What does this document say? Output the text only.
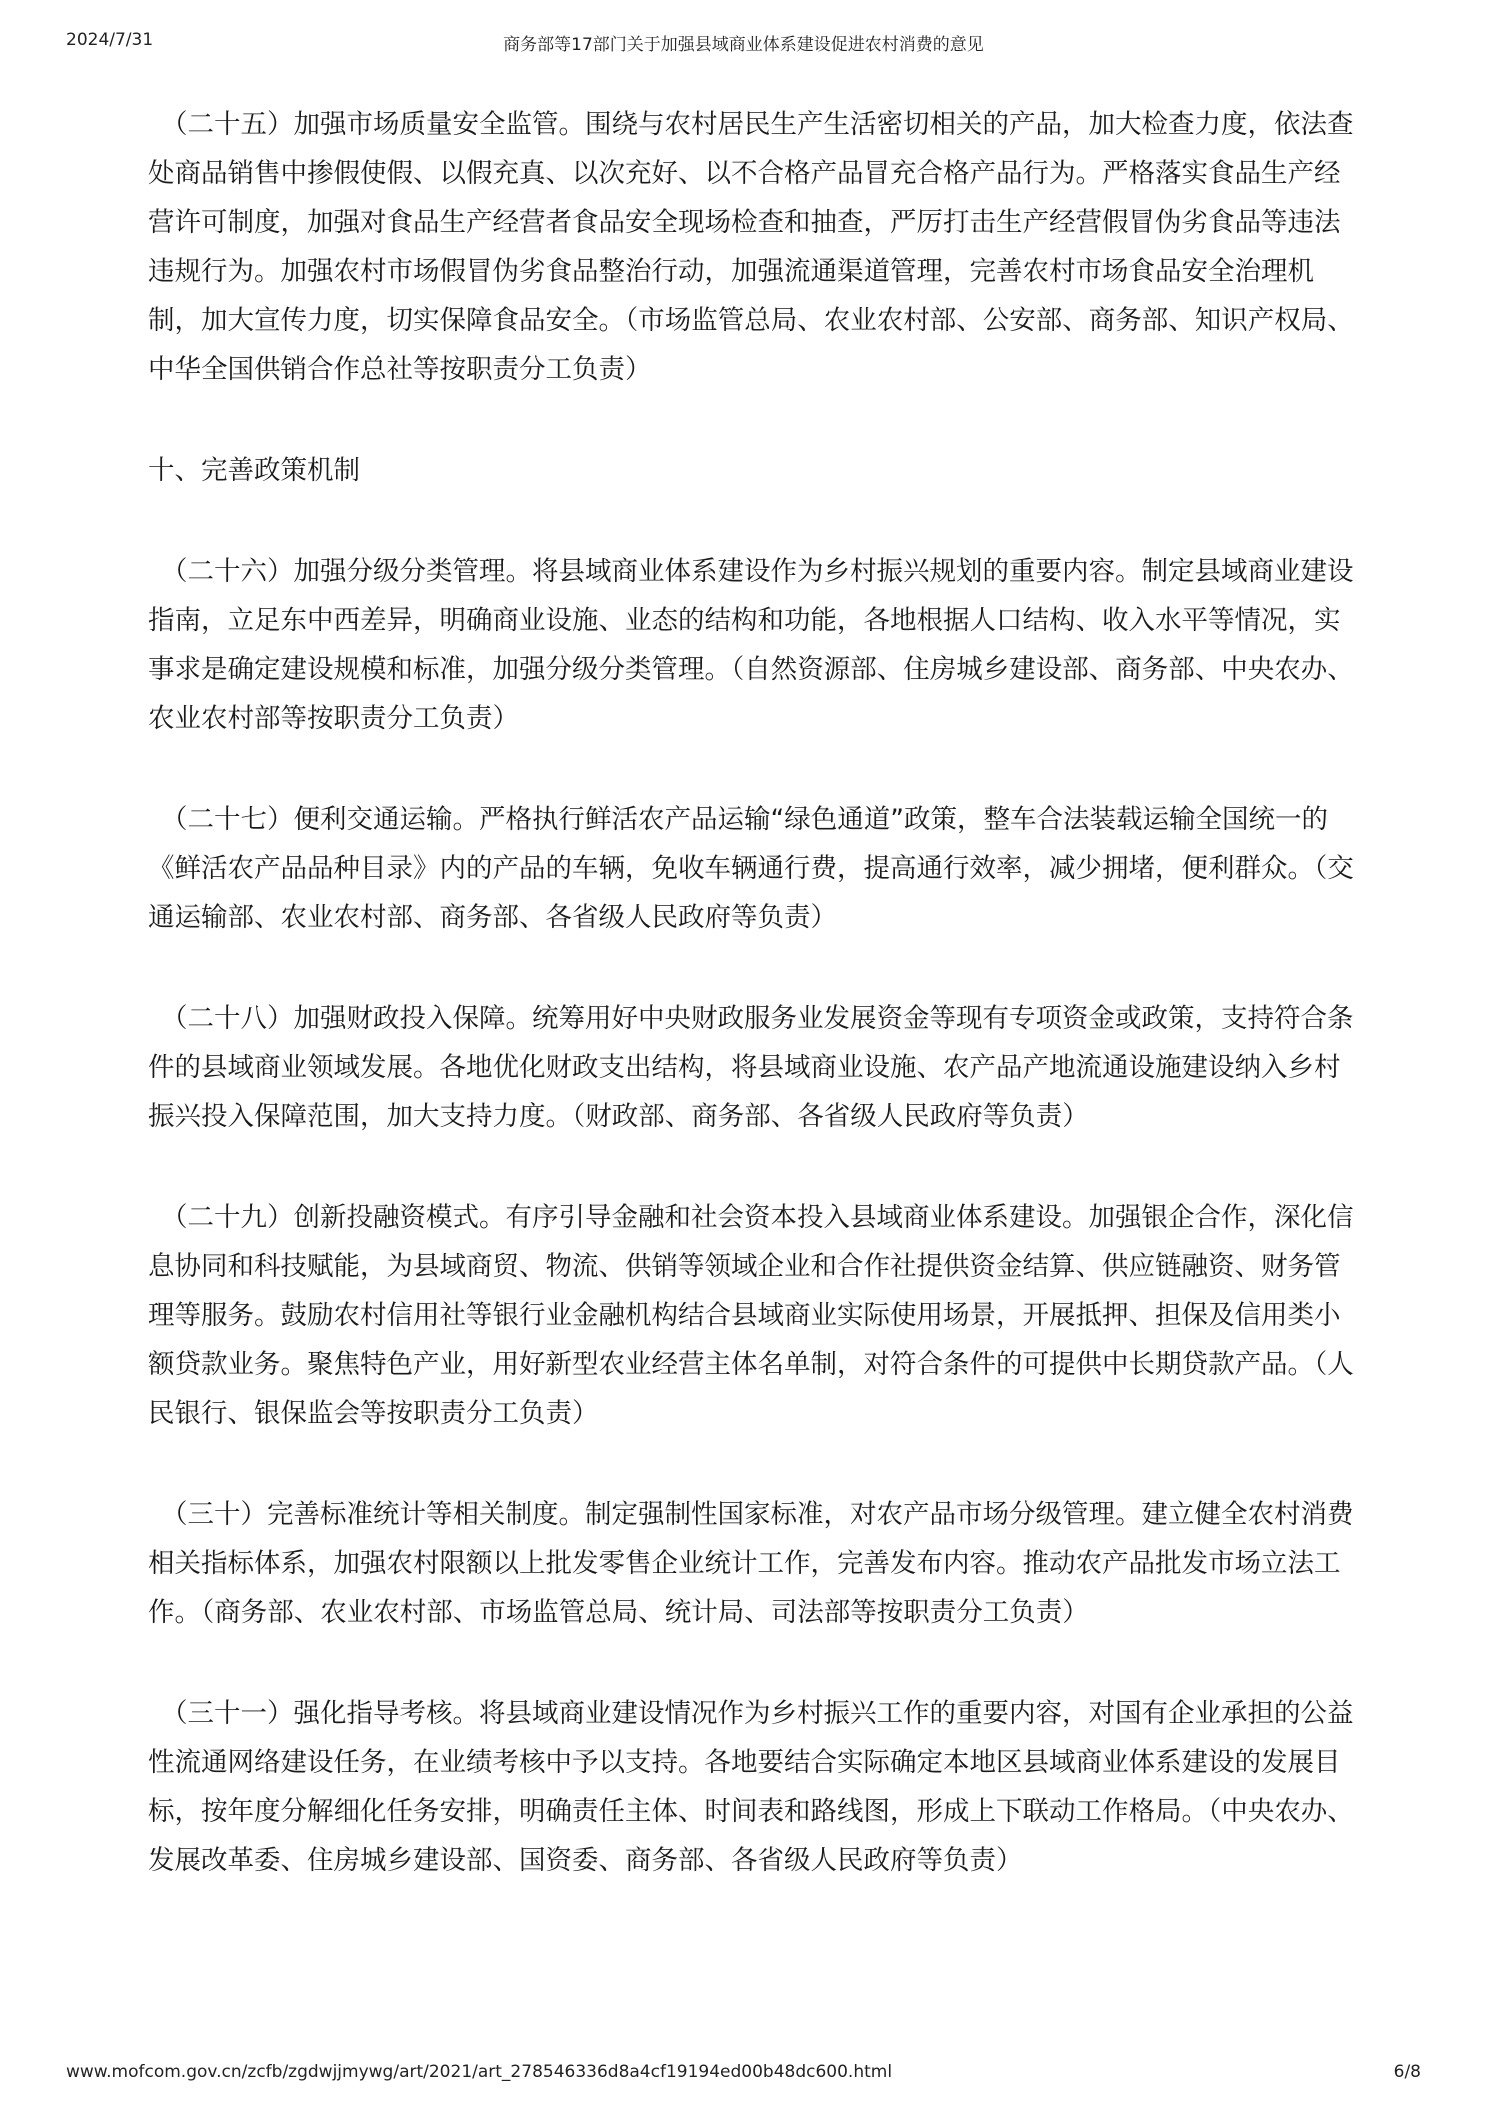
2024/7/31	商务部等17部门关于加强县域商业体系建设促进农村消费的意见

（二十五）加强市场质量安全监管。围绕与农村居民生产生活密切相关的产品，加大检查力度，依法查处商品销售中掺假使假、以假充真、以次充好、以不合格产品冒充合格产品行为。严格落实食品生产经营许可制度，加强对食品生产经营者食品安全现场检查和抽查，严厉打击生产经营假冒伪劣食品等违法违规行为。加强农村市场假冒伪劣食品整治行动，加强流通渠道管理，完善农村市场食品安全治理机制，加大宣传力度，切实保障食品安全。（市场监管总局、农业农村部、公安部、商务部、知识产权局、中华全国供销合作总社等按职责分工负责）

十、完善政策机制

（二十六）加强分级分类管理。将县域商业体系建设作为乡村振兴规划的重要内容。制定县域商业建设指南，立足东中西差异，明确商业设施、业态的结构和功能，各地根据人口结构、收入水平等情况，实事求是确定建设规模和标准，加强分级分类管理。（自然资源部、住房城乡建设部、商务部、中央农办、农业农村部等按职责分工负责）

（二十七）便利交通运输。严格执行鲜活农产品运输“绿色通道”政策，整车合法装载运输全国统一的《鲜活农产品品种目录》内的产品的车辆，免收车辆通行费，提高通行效率，减少拥堵，便利群众。（交通运输部、农业农村部、商务部、各省级人民政府等负责）

（二十八）加强财政投入保障。统筹用好中央财政服务业发展资金等现有专项资金或政策，支持符合条件的县域商业领域发展。各地优化财政支出结构，将县域商业设施、农产品产地流通设施建设纳入乡村振兴投入保障范围，加大支持力度。（财政部、商务部、各省级人民政府等负责）

（二十九）创新投融资模式。有序引导金融和社会资本投入县域商业体系建设。加强银企合作，深化信息协同和科技赋能，为县域商贸、物流、供销等领域企业和合作社提供资金结算、供应链融资、财务管理等服务。鼓励农村信用社等银行业金融机构结合县域商业实际使用场景，开展抵押、担保及信用类小额贷款业务。聚焦特色产业，用好新型农业经营主体名单制，对符合条件的可提供中长期贷款产品。（人民银行、银保监会等按职责分工负责）

（三十）完善标准统计等相关制度。制定强制性国家标准，对农产品市场分级管理。建立健全农村消费相关指标体系，加强农村限额以上批发零售企业统计工作，完善发布内容。推动农产品批发市场立法工作。（商务部、农业农村部、市场监管总局、统计局、司法部等按职责分工负责）

（三十一）强化指导考核。将县域商业建设情况作为乡村振兴工作的重要内容，对国有企业承担的公益性流通网络建设任务，在业绩考核中予以支持。各地要结合实际确定本地区县域商业体系建设的发展目标，按年度分解细化任务安排，明确责任主体、时间表和路线图，形成上下联动工作格局。（中央农办、发展改革委、住房城乡建设部、国资委、商务部、各省级人民政府等负责）

www.mofcom.gov.cn/zcfb/zgdwjjmywg/art/2021/art_278546336d8a4cf19194ed00b48dc600.html	6/8
